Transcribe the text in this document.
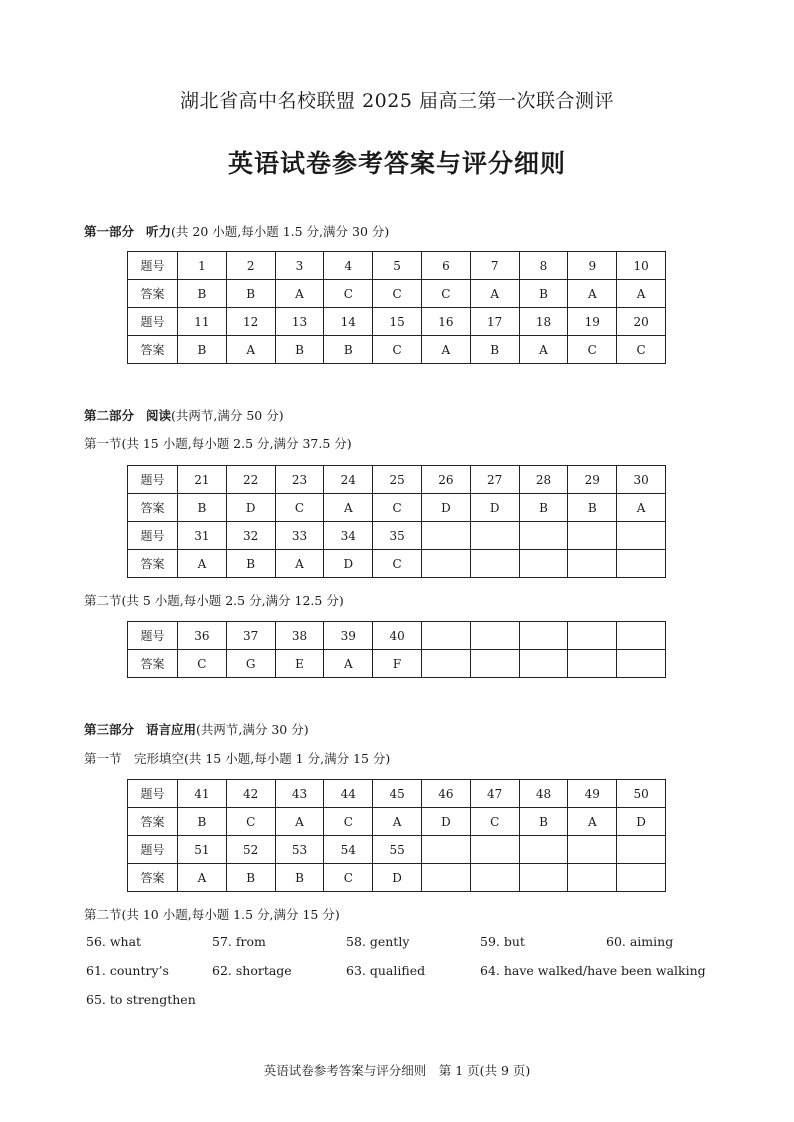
湖北省高中名校联盟 2025 届高三第一次联合测评
英语试卷参考答案与评分细则
第一部分 听力(共 20 小题,每小题 1.5 分,满分 30 分)
题号	1	2	3	4	5	6	7	8	9	10
答案	B	B	A	C	C	C	A	B	A	A
题号	11	12	13	14	15	16	17	18	19	20
答案	B	A	B	B	C	A	B	A	C	C
第二部分 阅读(共两节,满分 50 分)
第一节(共 15 小题,每小题 2.5 分,满分 37.5 分)
题号	21	22	23	24	25	26	27	28	29	30
答案	B	D	C	A	C	D	D	B	B	A
题号	31	32	33	34	35					
答案	A	B	A	D	C					
第二节(共 5 小题,每小题 2.5 分,满分 12.5 分)
题号	36	37	38	39	40					
答案	C	G	E	A	F					
第三部分 语言应用(共两节,满分 30 分)
第一节　完形填空(共 15 小题,每小题 1 分,满分 15 分)
题号	41	42	43	44	45	46	47	48	49	50
答案	B	C	A	C	A	D	C	B	A	D
题号	51	52	53	54	55					
答案	A	B	B	C	D					
第二节(共 10 小题,每小题 1.5 分,满分 15 分)
56. what	57. from	58. gently	59. but	60. aiming
61. country’s	62. shortage	63. qualified	64. have walked/have been walking
65. to strengthen
英语试卷参考答案与评分细则　第 1 页(共 9 页)
